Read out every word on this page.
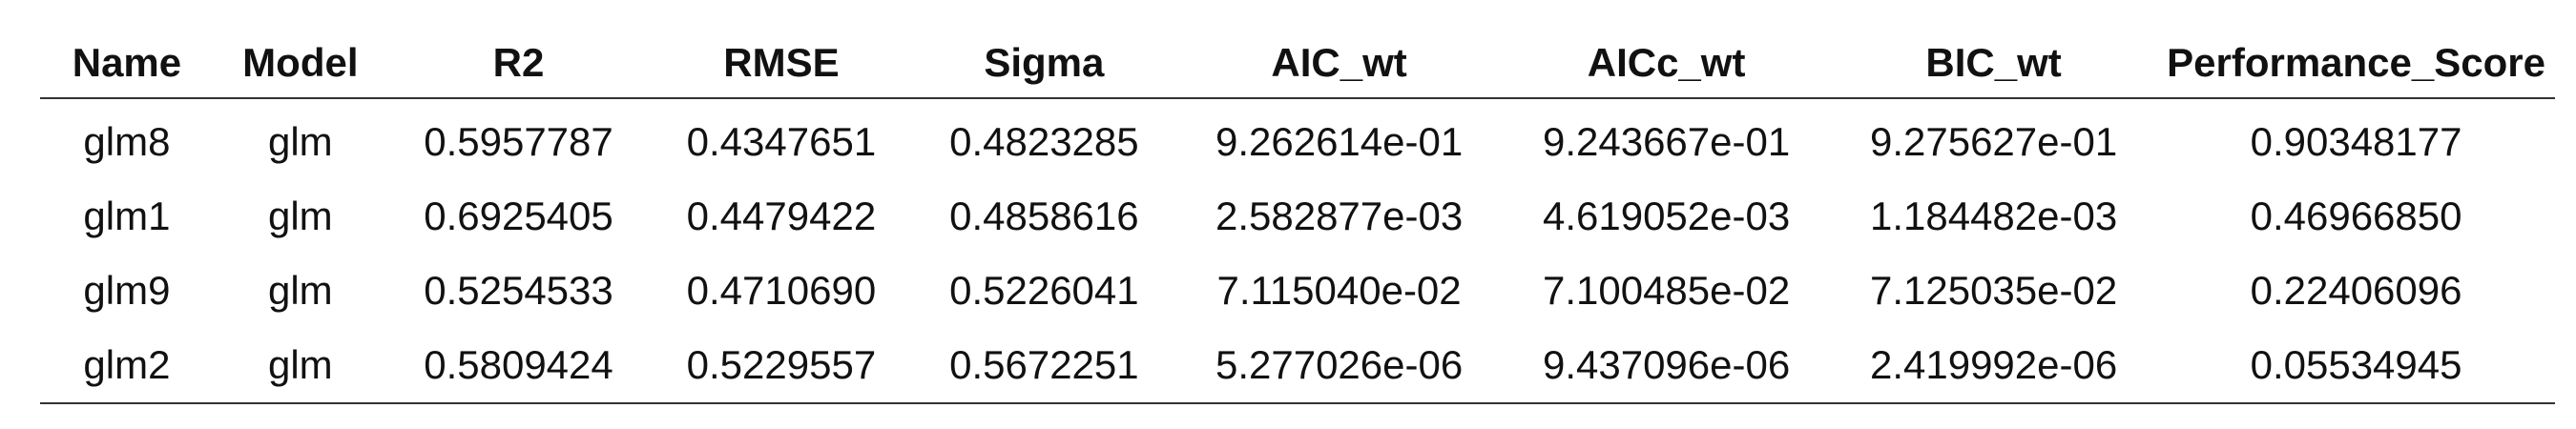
Name	Model	R2	RMSE	Sigma	AIC_wt	AICc_wt	BIC_wt	Performance_Score
glm8	glm	0.5957787	0.4347651	0.4823285	9.262614e-01	9.243667e-01	9.275627e-01	0.90348177
glm1	glm	0.6925405	0.4479422	0.4858616	2.582877e-03	4.619052e-03	1.184482e-03	0.46966850
glm9	glm	0.5254533	0.4710690	0.5226041	7.115040e-02	7.100485e-02	7.125035e-02	0.22406096
glm2	glm	0.5809424	0.5229557	0.5672251	5.277026e-06	9.437096e-06	2.419992e-06	0.05534945
